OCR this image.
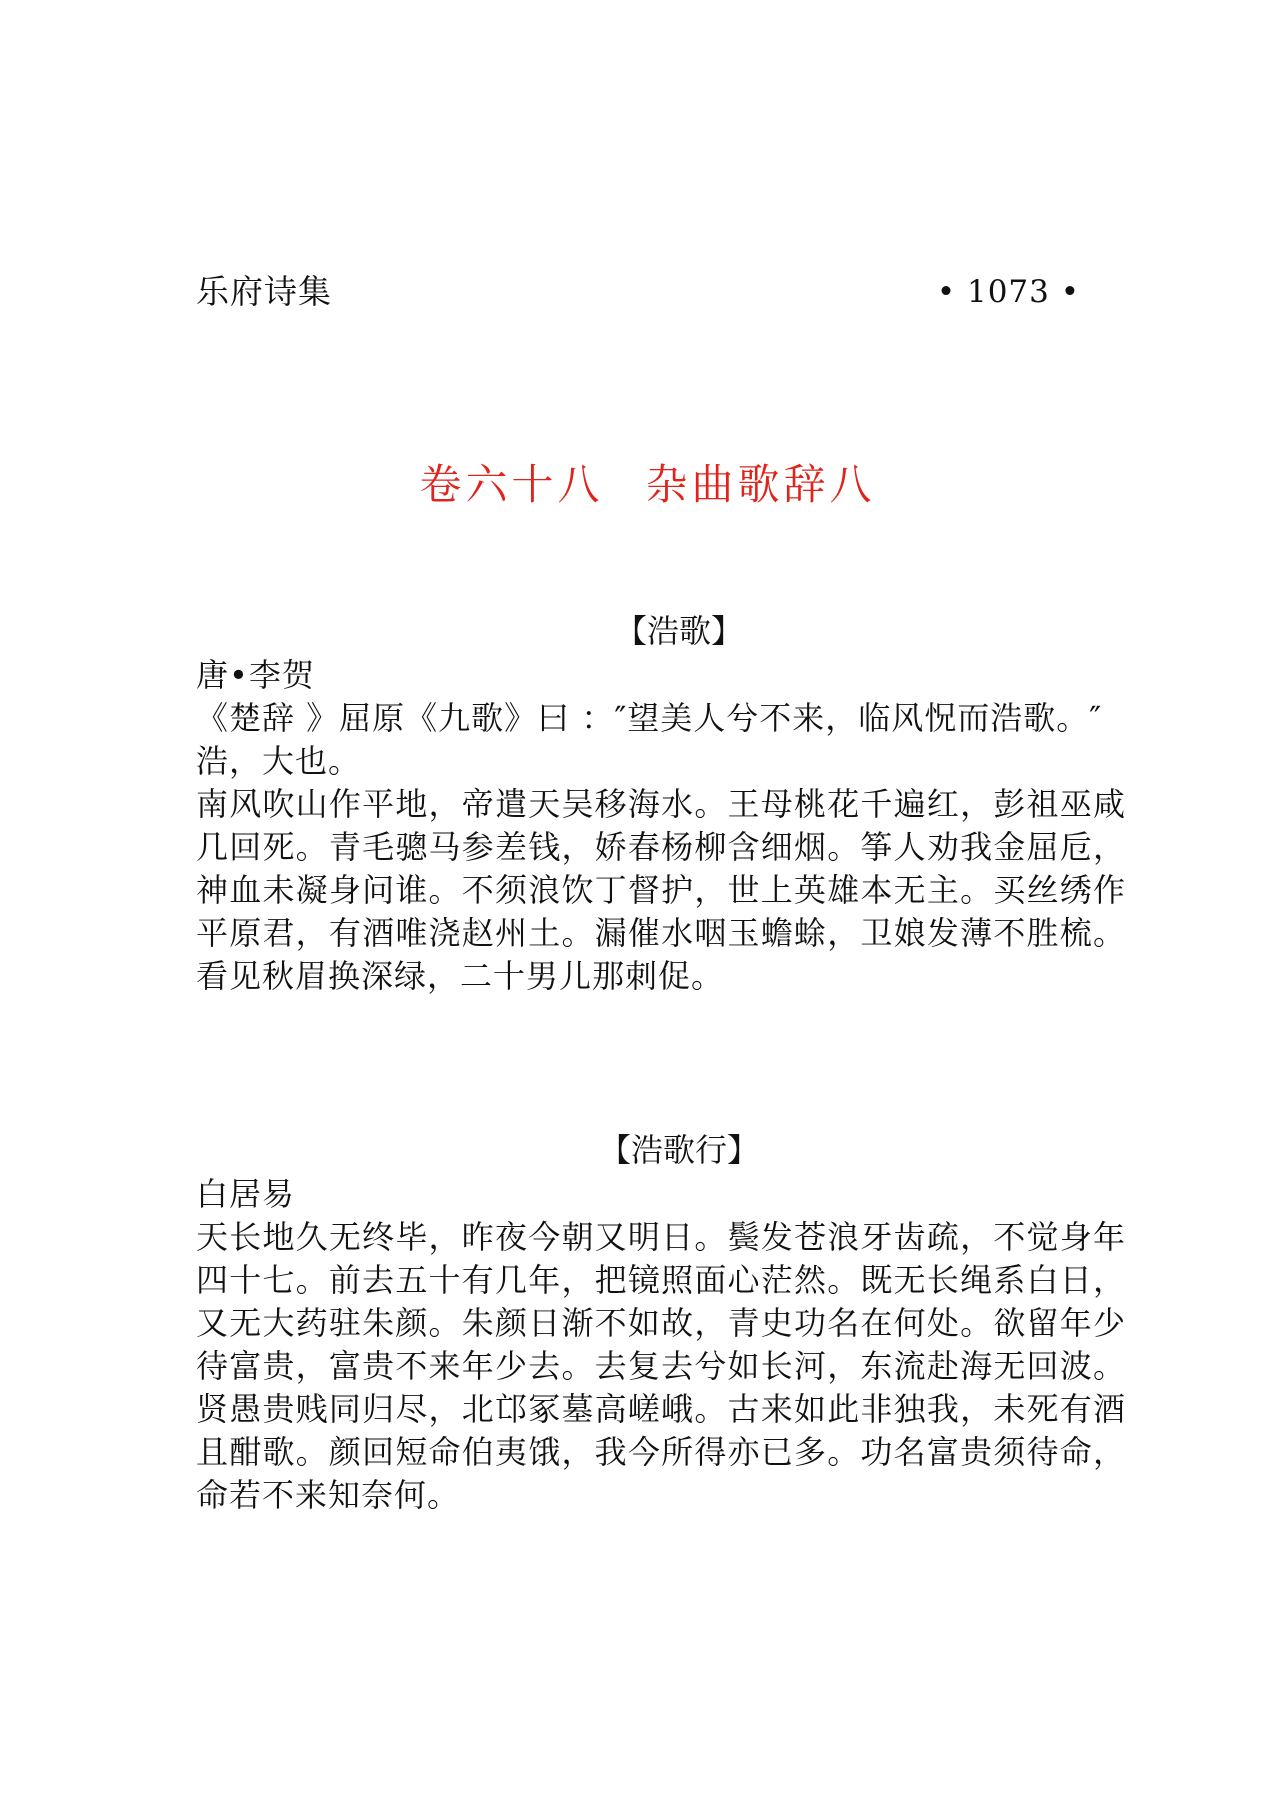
乐府诗集	• 1073 •
卷六十八 杂曲歌辞八
【浩歌】

唐•李贺

《楚辞 》屈原《九歌》曰 ：″望美人兮不来，临风怳而浩歌。″浩，大也。

南风吹山作平地，帝遣天吴移海水。王母桃花千遍红，彭祖巫咸几回死。青毛骢马参差钱，娇春杨柳含细烟。筝人劝我金屈卮，神血未凝身问谁。不须浪饮丁督护，世上英雄本无主。买丝绣作平原君，有酒唯浇赵州土。漏催水咽玉蟾蜍，卫娘发薄不胜梳。看见秋眉换深绿，二十男儿那刺促。

【浩歌行】

白居易

天长地久无终毕，昨夜今朝又明日。鬓发苍浪牙齿疏，不觉身年四十七。前去五十有几年，把镜照面心茫然。既无长绳系白日，又无大药驻朱颜。朱颜日渐不如故，青史功名在何处。欲留年少待富贵，富贵不来年少去。去复去兮如长河，东流赴海无回波。贤愚贵贱同归尽，北邙冢墓高嵯峨。古来如此非独我，未死有酒且酣歌。颜回短命伯夷饿，我今所得亦已多。功名富贵须待命，命若不来知奈何。
